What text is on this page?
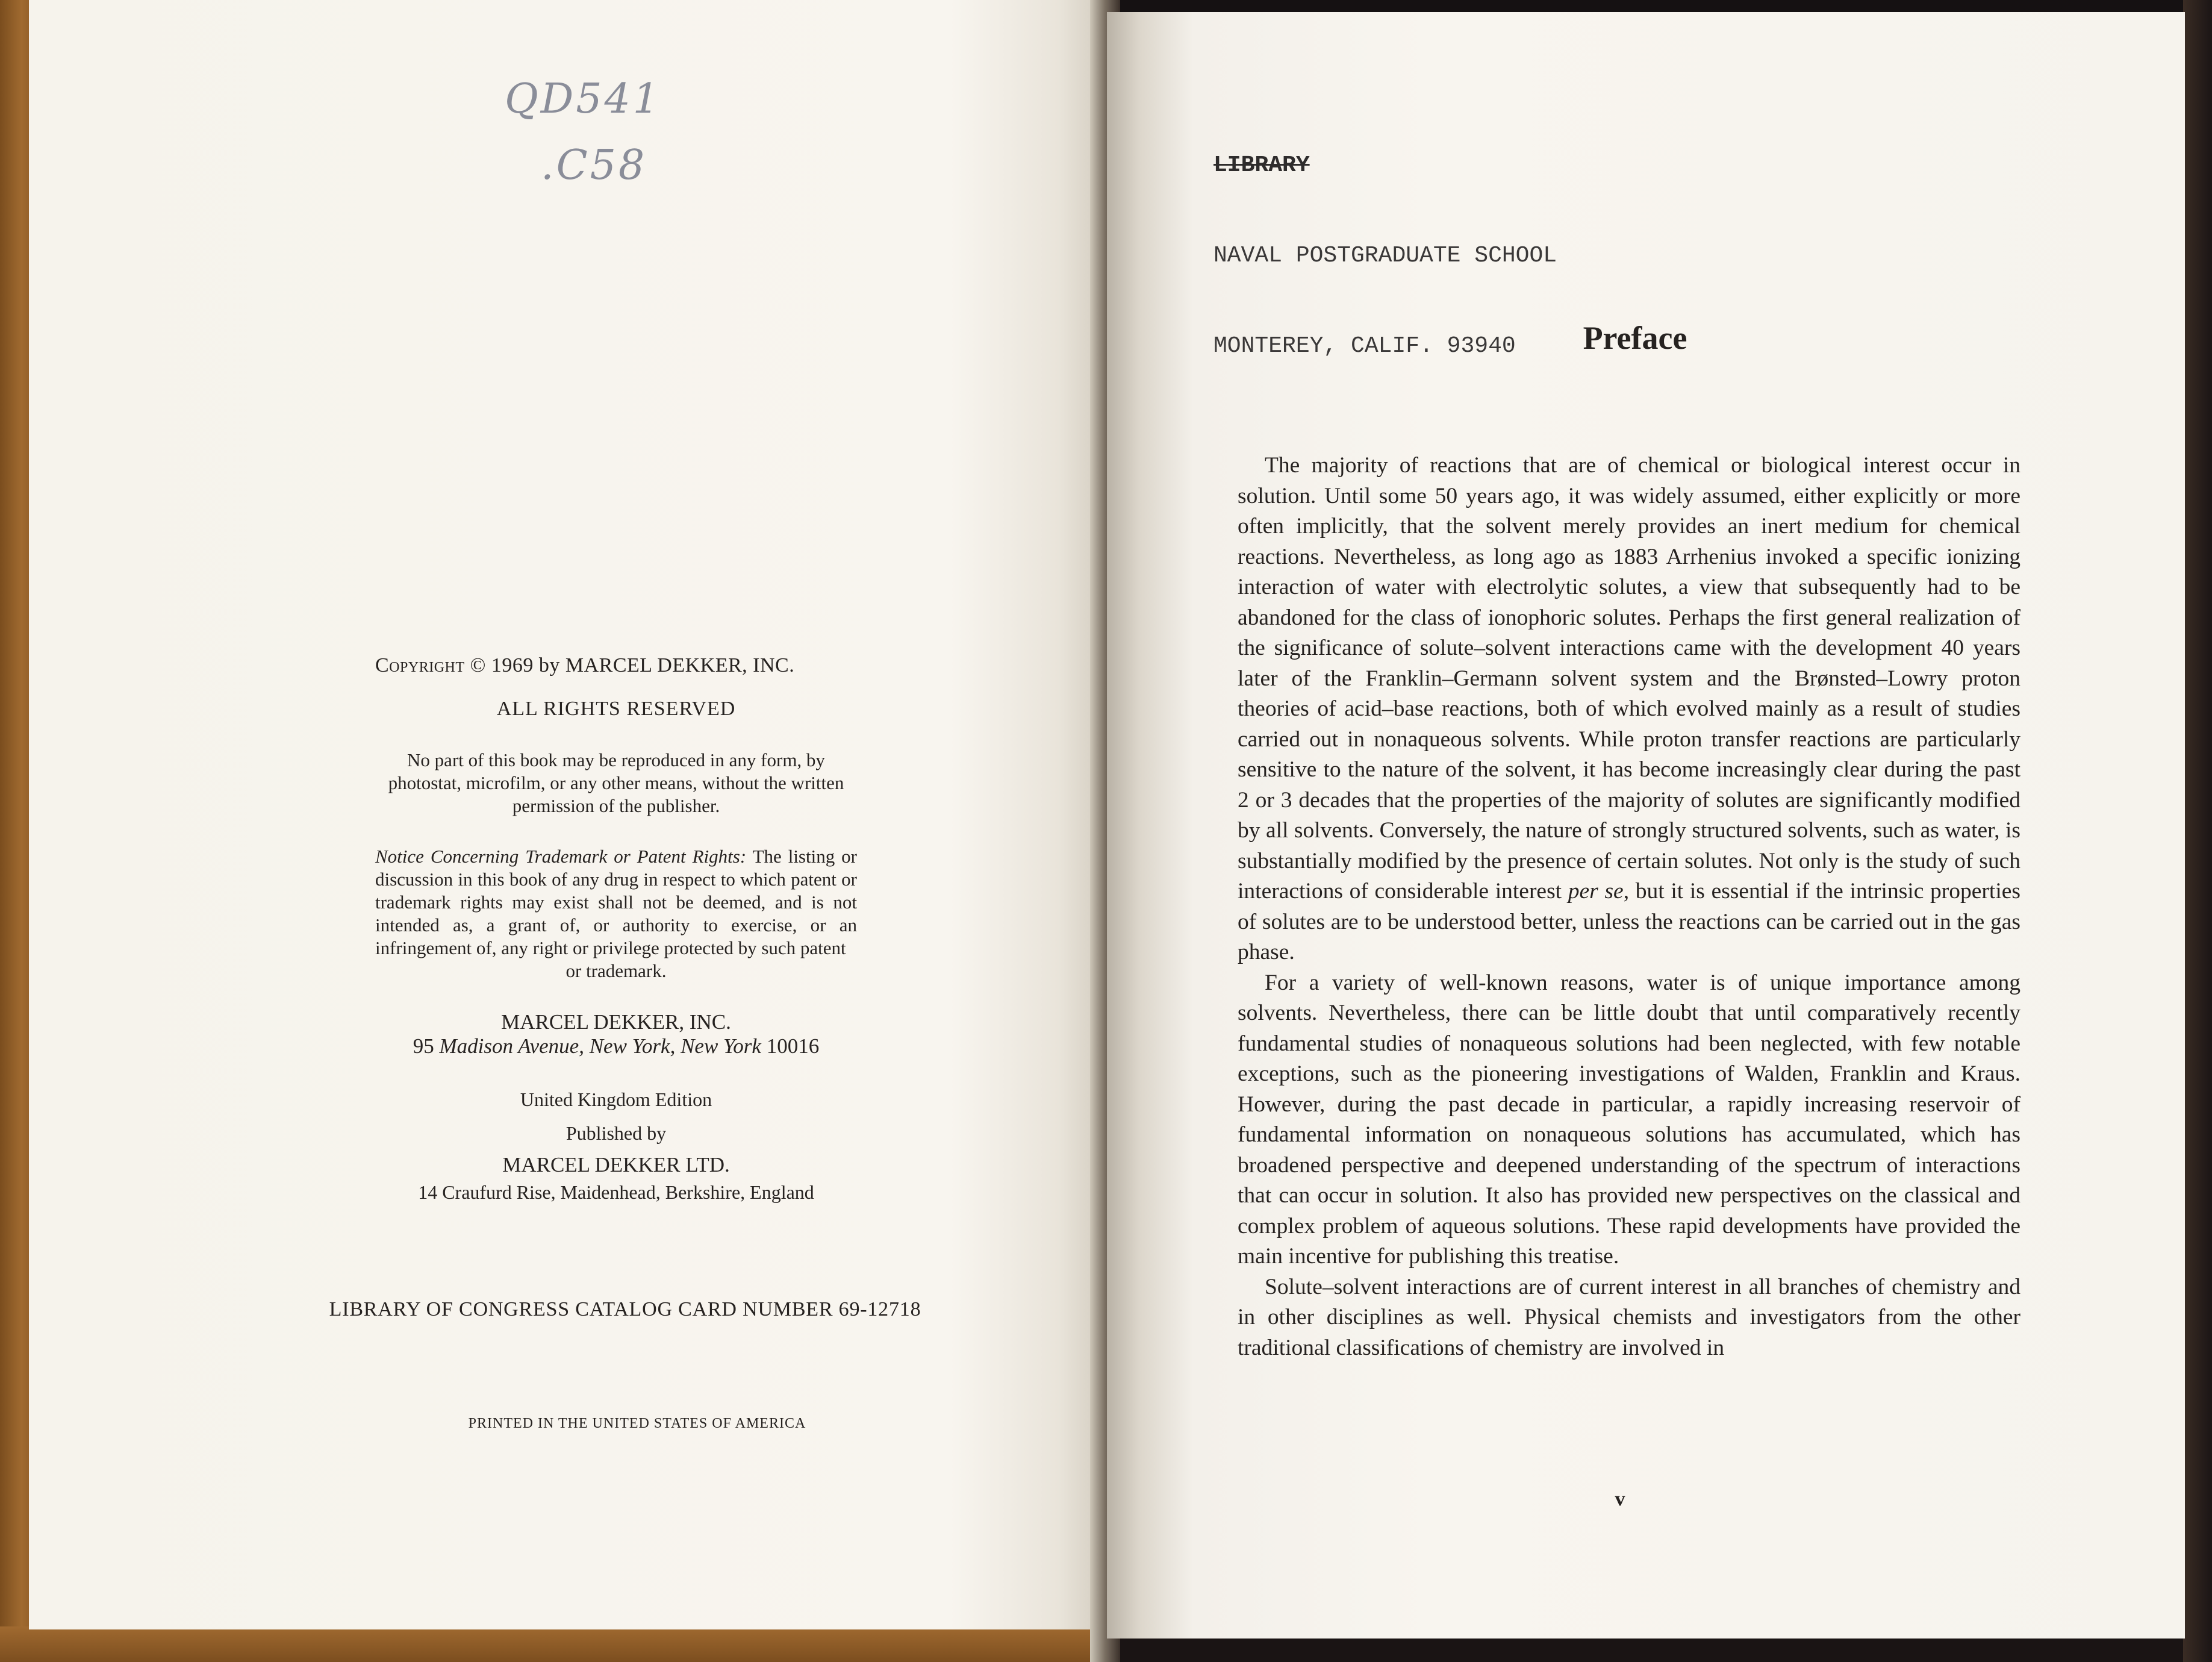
QD541
.C58
Copyright © 1969 by MARCEL DEKKER, INC.
ALL RIGHTS RESERVED
No part of this book may be reproduced in any form, by photostat, microfilm, or any other means, without the written permission of the publisher.
Notice Concerning Trademark or Patent Rights: The listing or discussion in this book of any drug in respect to which patent or trademark rights may exist shall not be deemed, and is not intended as, a grant of, or authority to exercise, or an infringement of, any right or privilege protected by such patent
or trademark.
MARCEL DEKKER, INC.
95 Madison Avenue, New York, New York 10016
United Kingdom Edition
Published by
MARCEL DEKKER LTD.
14 Craufurd Rise, Maidenhead, Berkshire, England
LIBRARY OF CONGRESS CATALOG CARD NUMBER 69-12718
PRINTED IN THE UNITED STATES OF AMERICA

LIBRARY

NAVAL POSTGRADUATE SCHOOL

MONTEREY, CALIF. 93940

	Preface

The majority of reactions that are of chemical or biological interest occur in solution. Until some 50 years ago, it was widely assumed, either explicitly or more often implicitly, that the solvent merely provides an inert medium for chemical reactions. Nevertheless, as long ago as 1883 Arrhenius invoked a specific ionizing interaction of water with electrolytic solutes, a view that subsequently had to be abandoned for the class of ionophoric solutes. Perhaps the first general realization of the significance of solute–solvent interactions came with the development 40 years later of the Franklin–Germann solvent system and the Brønsted–Lowry proton theories of acid–base reactions, both of which evolved mainly as a result of studies carried out in nonaqueous solvents. While proton transfer reactions are particularly sensitive to the nature of the solvent, it has become increasingly clear during the past 2 or 3 decades that the properties of the majority of solutes are significantly modified by all solvents. Conversely, the nature of strongly structured solvents, such as water, is substantially modified by the presence of certain solutes. Not only is the study of such interactions of considerable interest per se, but it is essential if the intrinsic properties of solutes are to be understood better, unless the reactions can be carried out in the gas phase.

For a variety of well-known reasons, water is of unique importance among solvents. Nevertheless, there can be little doubt that until comparatively recently fundamental studies of nonaqueous solutions had been neglected, with few notable exceptions, such as the pioneering investigations of Walden, Franklin and Kraus. However, during the past decade in particular, a rapidly increasing reservoir of fundamental information on nonaqueous solutions has accumulated, which has broadened perspective and deepened understanding of the spectrum of interactions that can occur in solution. It also has provided new perspectives on the classical and complex problem of aqueous solutions. These rapid developments have provided the main incentive for publishing this treatise.

Solute–solvent interactions are of current interest in all branches of chemistry and in other disciplines as well. Physical chemists and investigators from the other traditional classifications of chemistry are involved in

v
